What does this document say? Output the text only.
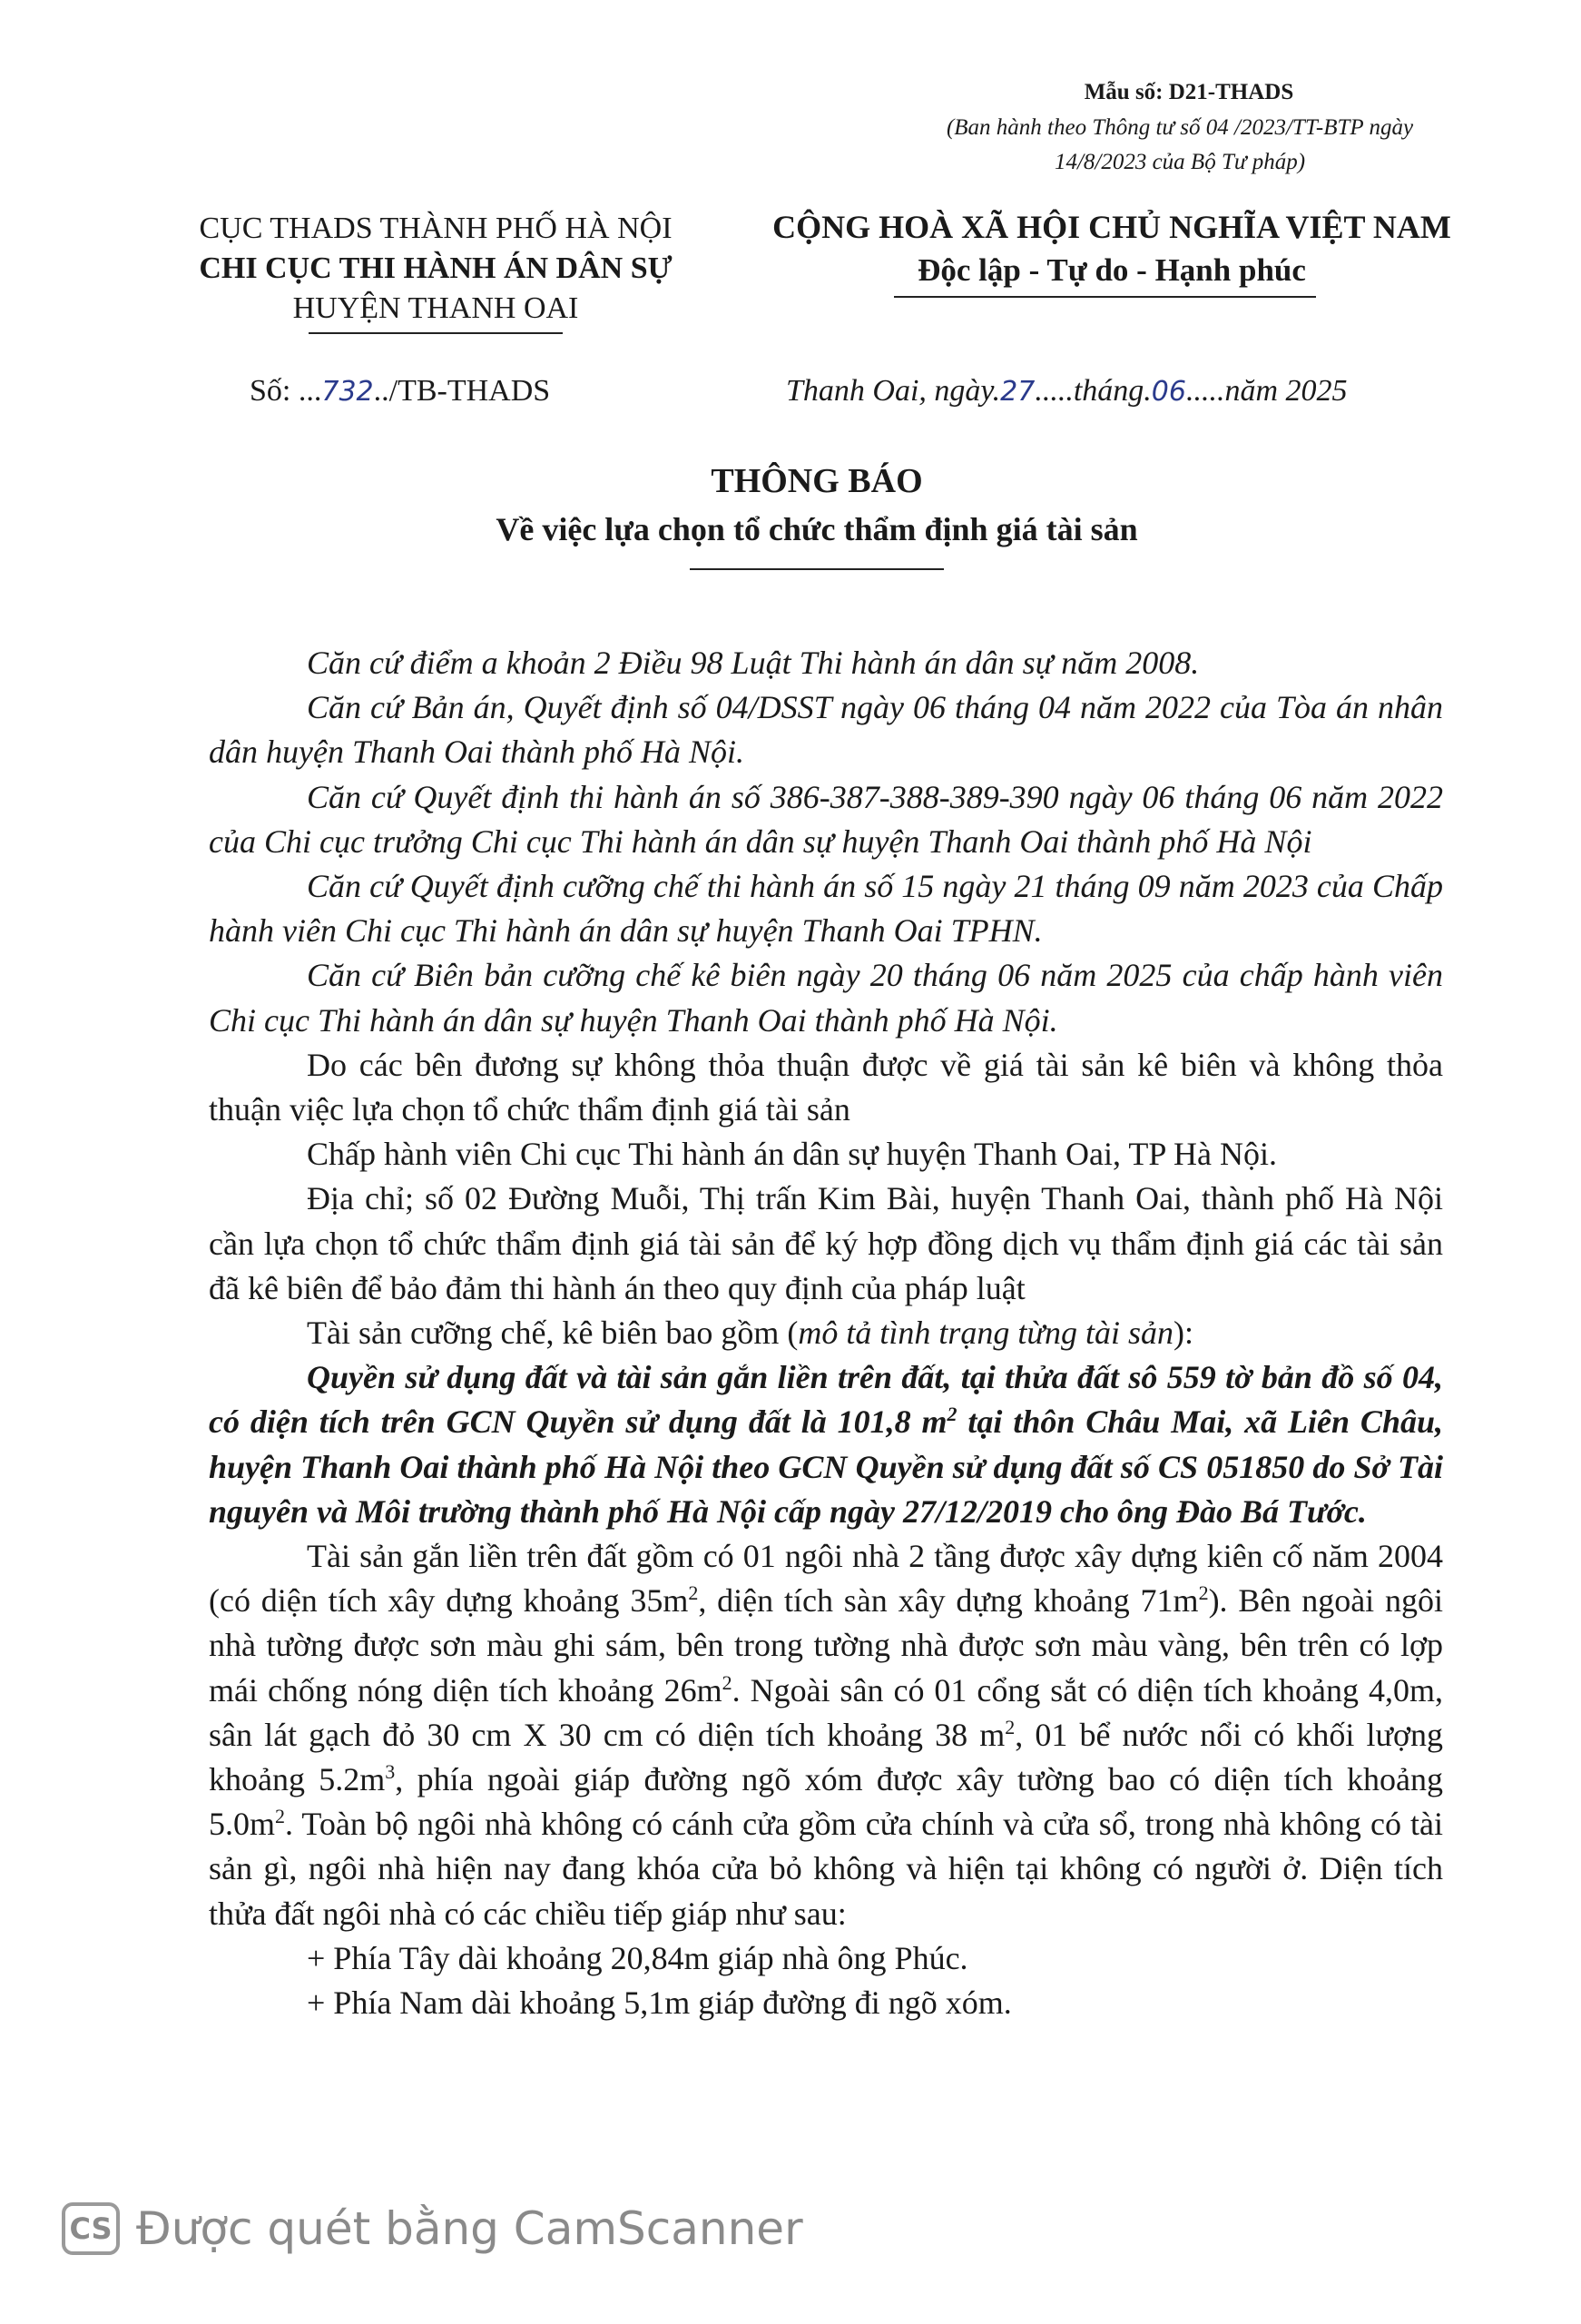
Mẫu số: D21-THADS
(Ban hành theo Thông tư số 04 /2023/TT-BTP ngày
14/8/2023 của Bộ Tư pháp)
CỤC THADS THÀNH PHỐ HÀ NỘI
CHI CỤC THI HÀNH ÁN DÂN SỰ
HUYỆN THANH OAI
CỘNG HOÀ XÃ HỘI CHỦ NGHĨA VIỆT NAM
Độc lập - Tự do - Hạnh phúc
Số: ...732../TB-THADS	Thanh Oai, ngày.27.....tháng.06.....năm 2025
THÔNG BÁO
Về việc lựa chọn tổ chức thẩm định giá tài sản

Căn cứ điểm a khoản 2 Điều 98 Luật Thi hành án dân sự năm 2008.

Căn cứ Bản án, Quyết định số 04/DSST ngày 06 tháng 04 năm 2022 của Tòa án nhân dân huyện Thanh Oai thành phố Hà Nội.

Căn cứ Quyết định thi hành án số 386-387-388-389-390 ngày 06 tháng 06 năm 2022 của Chi cục trưởng Chi cục Thi hành án dân sự huyện Thanh Oai thành phố Hà Nội

Căn cứ Quyết định cưỡng chế thi hành án số 15 ngày 21 tháng 09 năm 2023 của Chấp hành viên Chi cục Thi hành án dân sự huyện Thanh Oai TPHN.

Căn cứ Biên bản cưỡng chế kê biên ngày 20 tháng 06 năm 2025 của chấp hành viên Chi cục Thi hành án dân sự huyện Thanh Oai thành phố Hà Nội.

Do các bên đương sự không thỏa thuận được về giá tài sản kê biên và không thỏa thuận việc lựa chọn tổ chức thẩm định giá tài sản

Chấp hành viên Chi cục Thi hành án dân sự huyện Thanh Oai, TP Hà Nội.

Địa chỉ; số 02 Đường Muỗi, Thị trấn Kim Bài, huyện Thanh Oai, thành phố Hà Nội cần lựa chọn tổ chức thẩm định giá tài sản để ký hợp đồng dịch vụ thẩm định giá các tài sản đã kê biên để bảo đảm thi hành án theo quy định của pháp luật

Tài sản cưỡng chế, kê biên bao gồm (mô tả tình trạng từng tài sản):

Quyền sử dụng đất và tài sản gắn liền trên đất, tại thửa đất sô 559 tờ bản đồ số 04, có diện tích trên GCN Quyền sử dụng đất là 101,8 $m^2$ tại thôn Châu Mai, xã Liên Châu, huyện Thanh Oai thành phố Hà Nội theo GCN Quyền sử dụng đất số CS 051850 do Sở Tài nguyên và Môi trường thành phố Hà Nội cấp ngày 27/12/2019 cho ông Đào Bá Tước.

Tài sản gắn liền trên đất gồm có 01 ngôi nhà 2 tầng được xây dựng kiên cố năm 2004 (có diện tích xây dựng khoảng $35m^2$, diện tích sàn xây dựng khoảng $71m^2$). Bên ngoài ngôi nhà tường được sơn màu ghi sám, bên trong tường nhà được sơn màu vàng, bên trên có lợp mái chống nóng diện tích khoảng $26m^2$. Ngoài sân có 01 cổng sắt có diện tích khoảng 4,0m, sân lát gạch đỏ 30 cm X 30 cm có diện tích khoảng 38 $m^2$, 01 bể nước nổi có khối lượng khoảng $5.2m^3$, phía ngoài giáp đường ngõ xóm được xây tường bao có diện tích khoảng $5.0m^2$. Toàn bộ ngôi nhà không có cánh cửa gồm cửa chính và cửa sổ, trong nhà không có tài sản gì, ngôi nhà hiện nay đang khóa cửa bỏ không và hiện tại không có người ở. Diện tích thửa đất ngôi nhà có các chiều tiếp giáp như sau:

+ Phía Tây dài khoảng 20,84m giáp nhà ông Phúc.

+ Phía Nam dài khoảng 5,1m giáp đường đi ngõ xóm.

CS Được quét bằng CamScanner
